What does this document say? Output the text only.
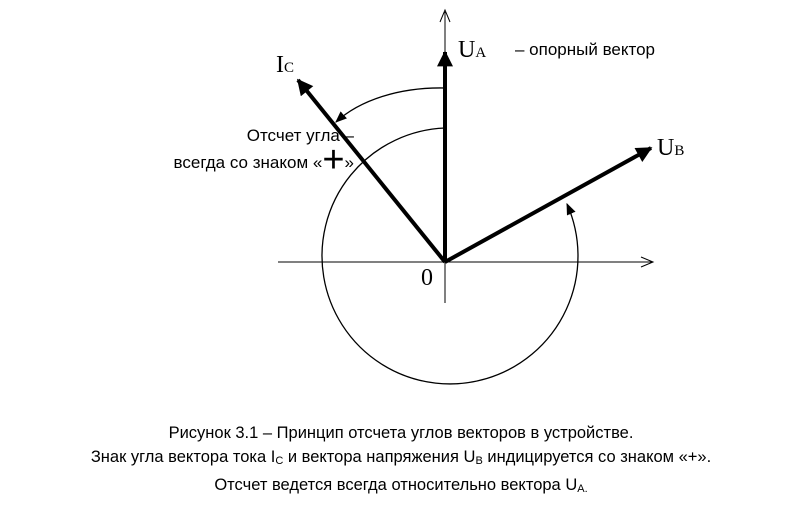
UA – опорный вектор
UB
IC
0
Отсчет угла –
всегда со знаком «+»
Рисунок 3.1 – Принцип отсчета углов векторов в устройстве.
Знак угла вектора тока $I_C$ и вектора напряжения $U_B$ индицируется со знаком «+».
Отсчет ведется всегда относительно вектора $U_{A.}$
